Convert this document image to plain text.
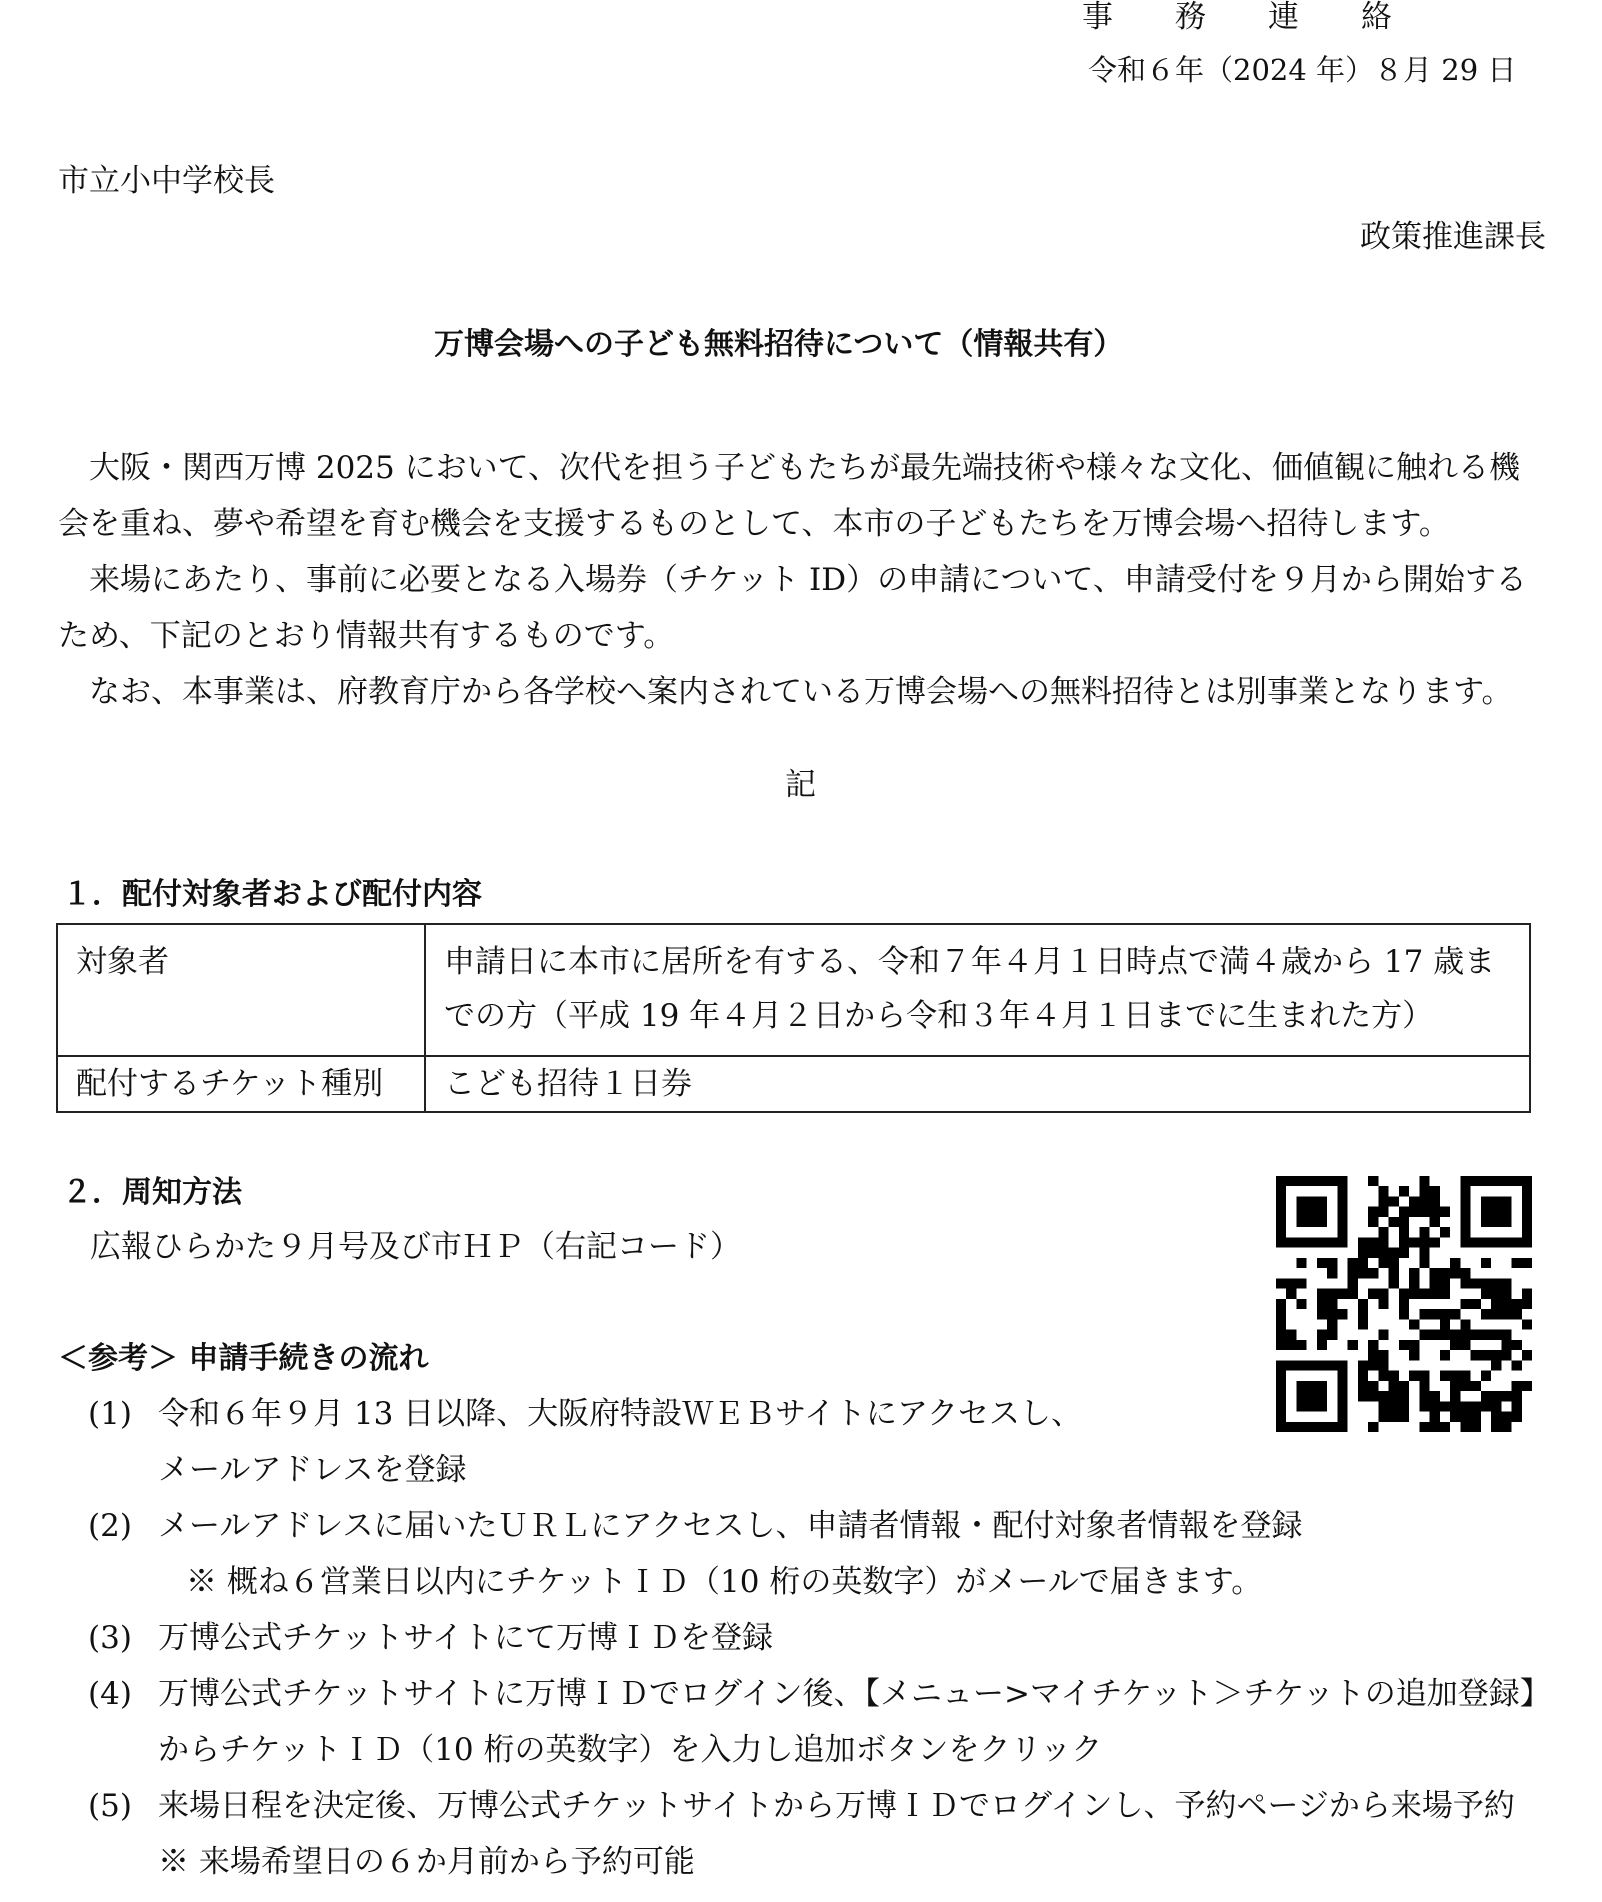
事　　務　　連　　絡
令和６年（2024 年）８月 29 日
市立小中学校長
政策推進課長
万博会場への子ども無料招待について（情報共有）

大阪・関西万博 2025 において、次代を担う子どもたちが最先端技術や様々な文化、価値観に触れる機会を重ね、夢や希望を育む機会を支援するものとして、本市の子どもたちを万博会場へ招待します。

来場にあたり、事前に必要となる入場券（チケット ID）の申請について、申請受付を９月から開始するため、下記のとおり情報共有するものです。

なお、本事業は、府教育庁から各学校へ案内されている万博会場への無料招待とは別事業となります。

記
１．配付対象者および配付内容
対象者	申請日に本市に居所を有する、令和７年４月１日時点で満４歳から 17 歳までの方（平成 19 年４月２日から令和３年４月１日までに生まれた方）
配付するチケット種別	こども招待１日券
２．周知方法
広報ひらかた９月号及び市ＨＰ（右記コード）
＜参考＞ 申請手続きの流れ
(1) 令和６年９月 13 日以降、大阪府特設ＷＥＢサイトにアクセスし、
メールアドレスを登録
(2) メールアドレスに届いたＵＲＬにアクセスし、申請者情報・配付対象者情報を登録
※ 概ね６営業日以内にチケットＩＤ（10 桁の英数字）がメールで届きます。
(3) 万博公式チケットサイトにて万博ＩＤを登録
(4) 万博公式チケットサイトに万博ＩＤでログイン後、【メニュー>マイチケット＞チケットの追加登録】からチケットＩＤ（10 桁の英数字）を入力し追加ボタンをクリック
(5) 来場日程を決定後、万博公式チケットサイトから万博ＩＤでログインし、予約ページから来場予約　※ 来場希望日の６か月前から予約可能
